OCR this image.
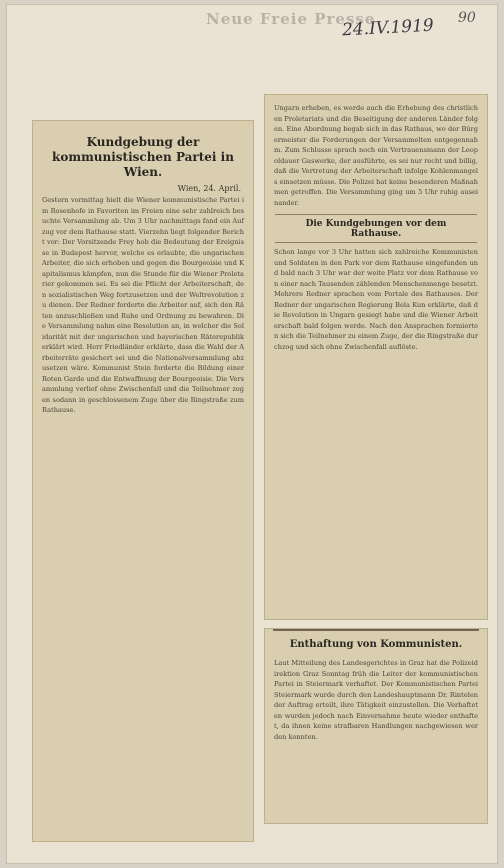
Neue Freie Presse
24.IV.1919 90
Kundgebung der kommunistischen Partei in Wien.
Wien, 24. April.
Gestern vormittag hielt die Wiener kommunistische Partei im Rosenhofe in Favoriten im Freien eine sehr zahlreich besuchte Versammlung ab. Um 3 Uhr nachmittags fand ein Aufzug vor dem Rathause statt. Vierzehn liegt folgender Bericht vor: Der Vorsitzende Frey hob die Bedeutung der Ereignisse in Budapest hervor, welche es erlaubte, die ungarischen Arbeiter, die sich erhoben und gegen die Bourgeoisie und Kapitalismus kämpfen, nun die Stunde für die Wiener Proletarier gekommen sei. Es sei die Pflicht der Arbeiterschaft, den sozialistischen Weg fortzusetzen und der Weltrevolution zu dienen. Der Redner forderte die Arbeiter auf, sich den Räten anzuschließen und Ruhe und Ordnung zu bewahren. Die Versammlung nahm eine Resolution an, in welcher die Solidarität mit der ungarischen und bayerischen Räterepublik erklärt wird. Herr Friedländer erklärte, dass die Wahl der Arbeiterräte gesichert sei und die Nationalversammlung abzusetzen wäre. Kommunist Stein forderte die Bildung einer Roten Garde und die Entwaffnung der Bourgeoisie. Die Versammlung verlief ohne Zwischenfall und die Teilnehmer zogen sodann in geschlossenem Zuge über die Ringstraße zum Rathause.
Ungarn erheben, es werde auch die Erhebung des christlichen Proletariats und die Beseitigung der anderen Länder folgen. Eine Abordnung begab sich in das Rathaus, wo der Bürgermeister die Forderungen der Versammelten entgegennahm. Zum Schlusse sprach noch ein Vertrauensmann der Leopoldauer Gaswerke, der ausführte, es sei nur recht und billig, daß die Vertretung der Arbeiterschaft infolge Kohlenmangels einsetzen müsse. Die Polizei hat keine besonderen Maßnahmen getroffen. Die Versammlung ging um 5 Uhr ruhig auseinander.
Die Kundgebungen vor dem Rathause.
Schon lange vor 3 Uhr hatten sich zahlreiche Kommunisten und Soldaten in den Park vor dem Rathause eingefunden und bald nach 3 Uhr war der weite Platz vor dem Rathause von einer nach Tausenden zählenden Menschenmenge besetzt. Mehrere Redner sprachen vom Portale des Rathauses. Der Redner der ungarischen Regierung Bela Kun erklärte, daß die Revolution in Ungarn gesiegt habe und die Wiener Arbeiterschaft bald folgen werde. Nach den Ansprachen formierten sich die Teilnehmer zu einem Zuge, der die Ringstraße durchzog und sich ohne Zwischenfall auflöste.
Enthaftung von Kommunisten.
Laut Mitteilung des Landesgerichtes in Graz hat die Polizeidirektion Graz Sonntag früh die Leiter der kommunistischen Partei in Steiermark verhaftet. Der Kommunistischen Partei Steiermark wurde durch den Landeshauptmann Dr. Rintelen der Auftrag erteilt, ihre Tätigkeit einzustellen. Die Verhafteten wurden jedoch nach Einvernahme heute wieder enthaftet, da ihnen keine strafbaren Handlungen nachgewiesen werden konnten.
